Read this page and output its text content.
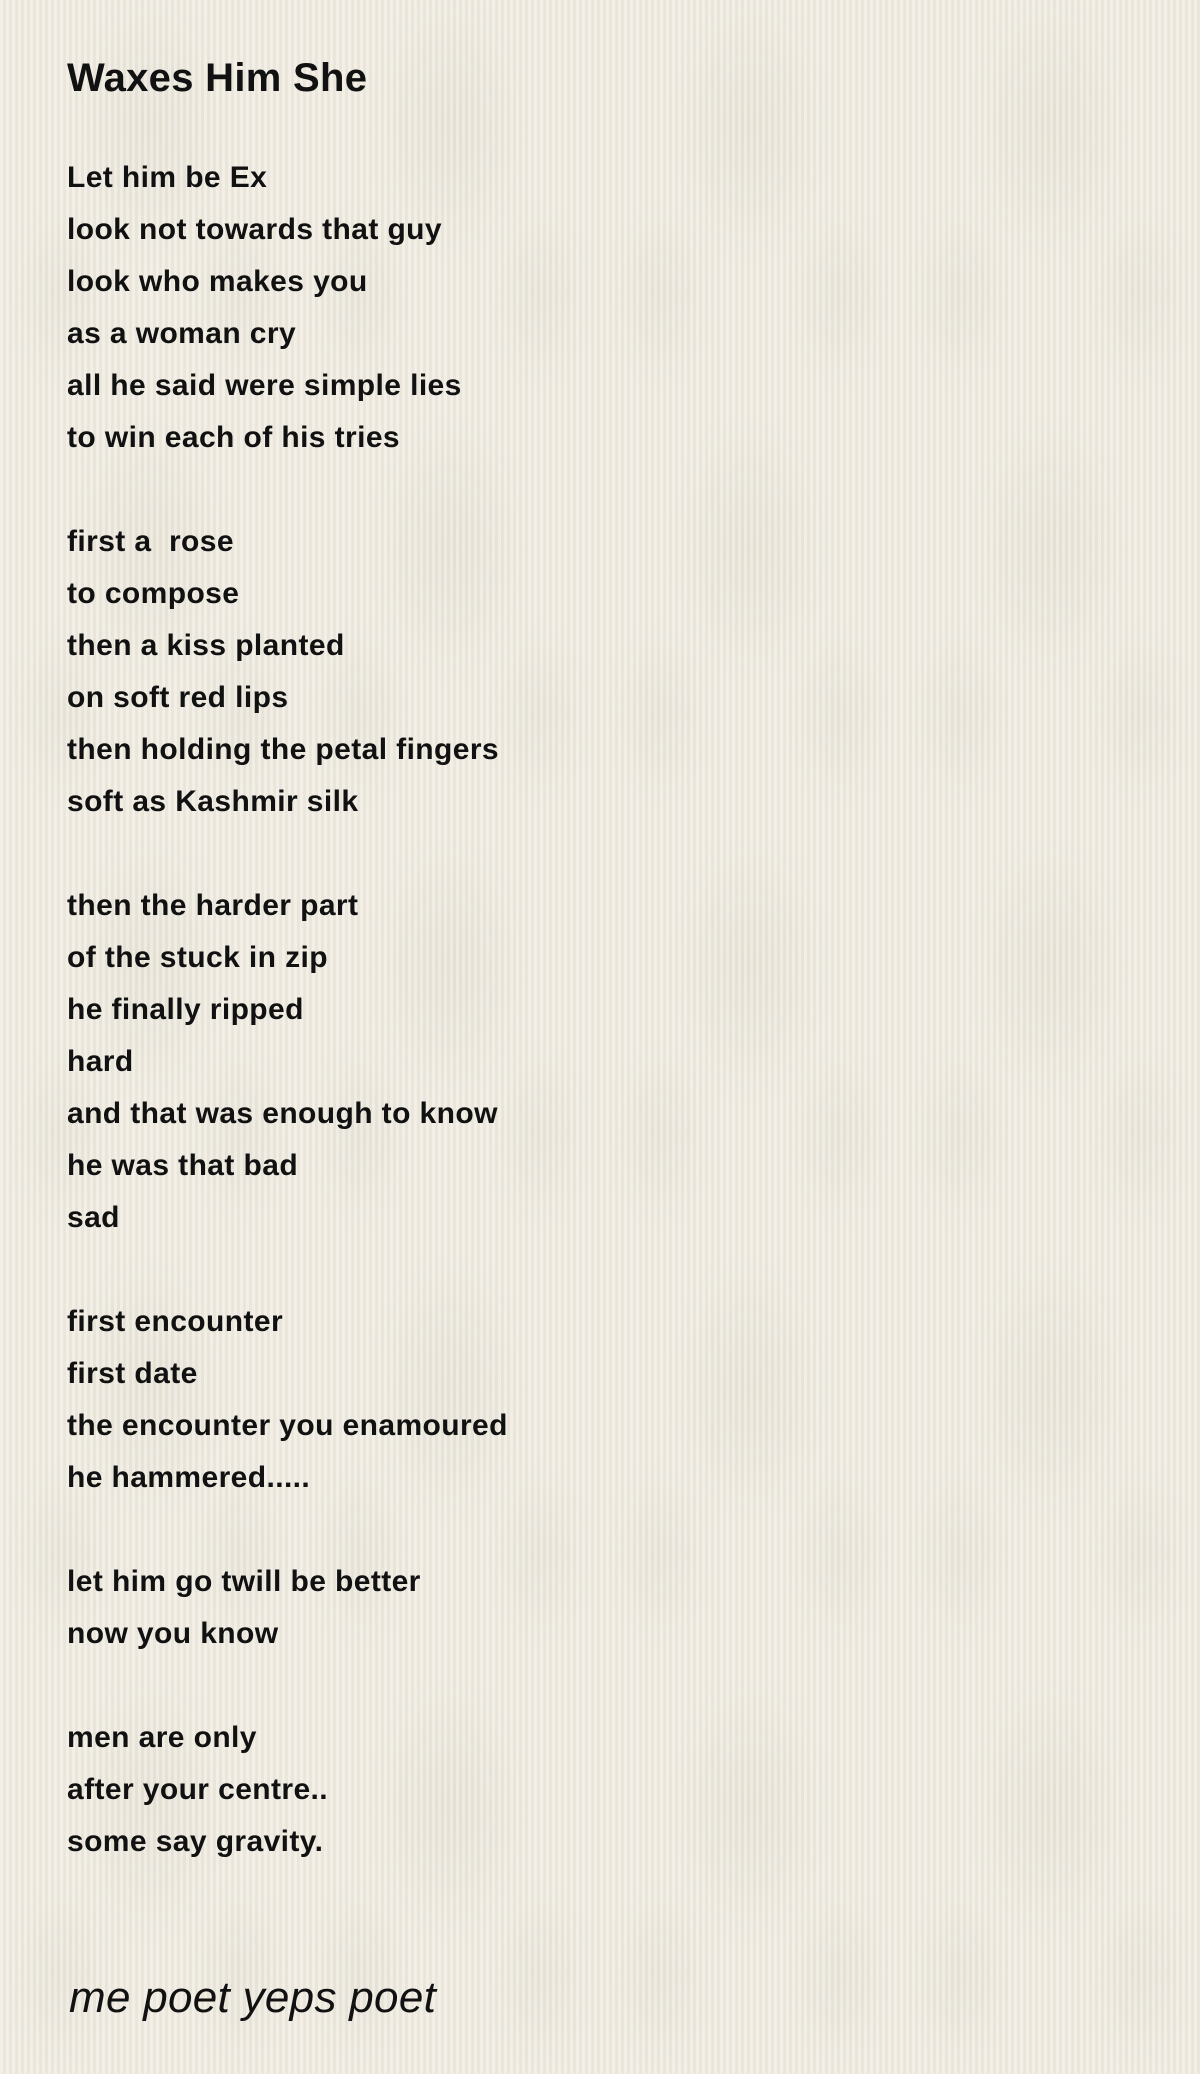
Waxes Him She
Let him be Ex
look not towards that guy
look who makes you
as a woman cry
all he said were simple lies
to win each of his tries
first a  rose
to compose
then a kiss planted
on soft red lips
then holding the petal fingers
soft as Kashmir silk
then the harder part
of the stuck in zip
he finally ripped
hard
and that was enough to know
he was that bad
sad
first encounter
first date
the encounter you enamoured
he hammered.....
let him go twill be better
now you know
men are only
after your centre..
some say gravity.
me poet yeps poet
